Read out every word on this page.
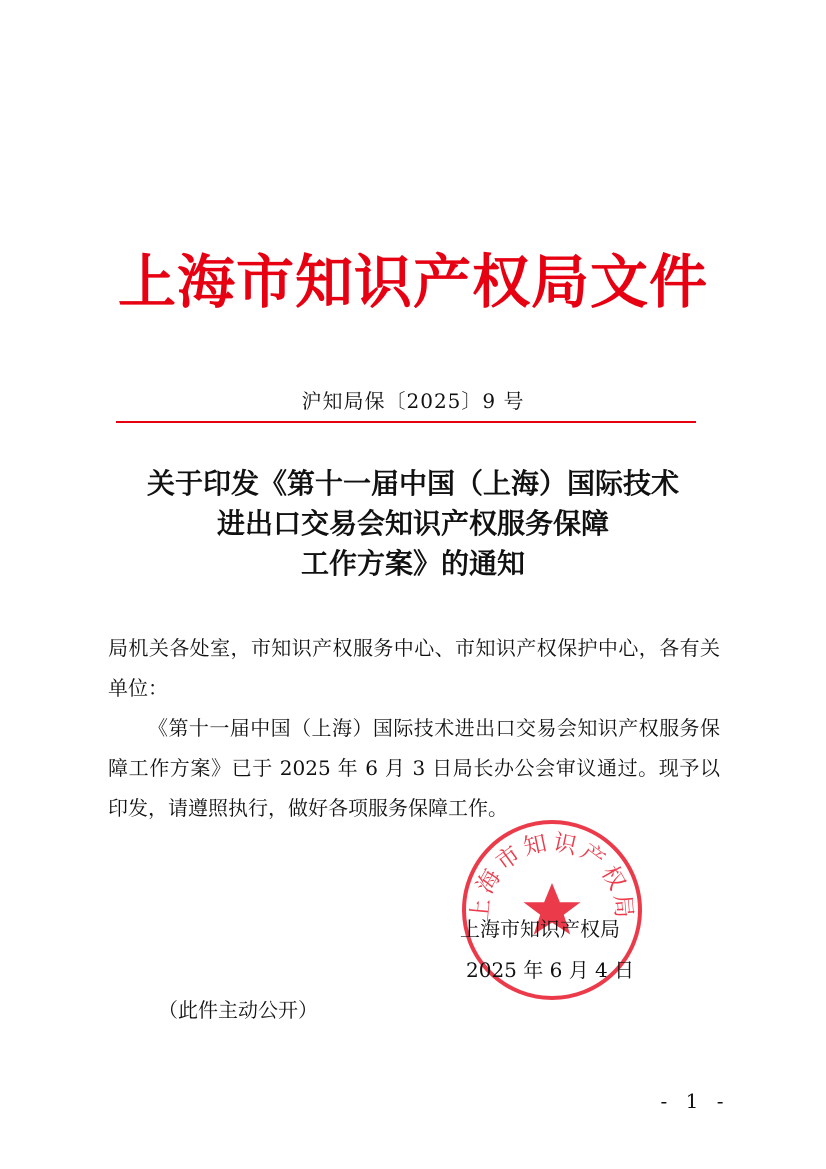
上海市知识产权局文件
沪知局保〔2025〕9 号
关于印发《第十一届中国（上海）国际技术
进出口交易会知识产权服务保障
工作方案》的通知
局机关各处室，市知识产权服务中心、市知识产权保护中心，各有关单位：
《第十一届中国（上海）国际技术进出口交易会知识产权服务保障工作方案》已于 2025 年 6 月 3 日局长办公会审议通过。现予以印发，请遵照执行，做好各项服务保障工作。
上海市知识产权局
上海市知识产权局
2025 年 6 月 4 日
（此件主动公开）
- 1 -
